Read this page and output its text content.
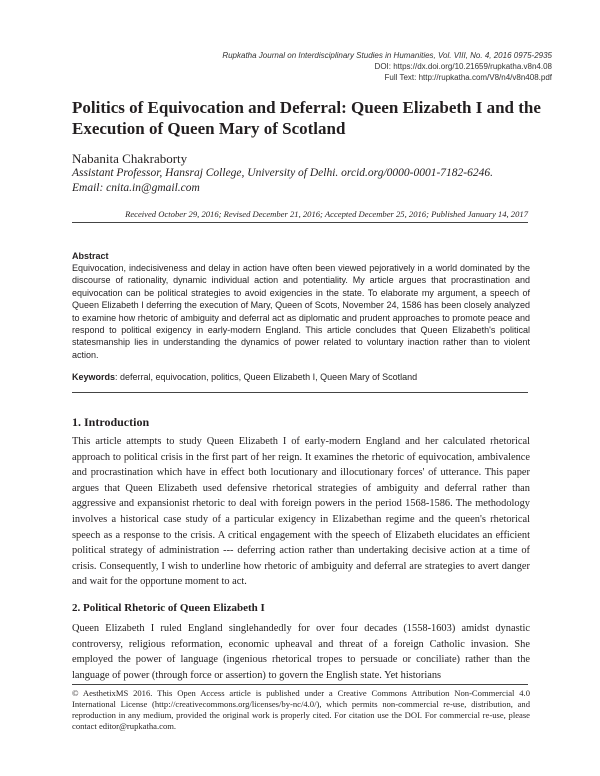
Rupkatha Journal on Interdisciplinary Studies in Humanities, Vol. VIII, No. 4, 2016 0975-2935
DOI: https://dx.doi.org/10.21659/rupkatha.v8n4.08
Full Text: http://rupkatha.com/V8/n4/v8n408.pdf
Politics of Equivocation and Deferral: Queen Elizabeth I and the Execution of Queen Mary of Scotland
Nabanita Chakraborty
Assistant Professor, Hansraj College, University of Delhi. orcid.org/0000-0001-7182-6246.
Email: cnita.in@gmail.com
Received October 29, 2016; Revised December 21, 2016; Accepted December 25, 2016; Published January 14, 2017
Abstract
Equivocation, indecisiveness and delay in action have often been viewed pejoratively in a world dominated by the discourse of rationality, dynamic individual action and potentiality. My article argues that procrastination and equivocation can be political strategies to avoid exigencies in the state. To elaborate my argument, a speech of Queen Elizabeth I deferring the execution of Mary, Queen of Scots, November 24, 1586 has been closely analyzed to examine how rhetoric of ambiguity and deferral act as diplomatic and prudent approaches to promote peace and respond to political exigency in early-modern England. This article concludes that Queen Elizabeth's political statesmanship lies in understanding the dynamics of power related to voluntary inaction rather than to violent action.
Keywords: deferral, equivocation, politics, Queen Elizabeth I, Queen Mary of Scotland
1. Introduction
This article attempts to study Queen Elizabeth I of early-modern England and her calculated rhetorical approach to political crisis in the first part of her reign. It examines the rhetoric of equivocation, ambivalence and procrastination which have in effect both locutionary and illocutionary forces' of utterance. This paper argues that Queen Elizabeth used defensive rhetorical strategies of ambiguity and deferral rather than aggressive and expansionist rhetoric to deal with foreign powers in the period 1568-1586. The methodology involves a historical case study of a particular exigency in Elizabethan regime and the queen's rhetorical speech as a response to the crisis. A critical engagement with the speech of Elizabeth elucidates an efficient political strategy of administration --- deferring action rather than undertaking decisive action at a time of crisis. Consequently, I wish to underline how rhetoric of ambiguity and deferral are strategies to avert danger and wait for the opportune moment to act.
2. Political Rhetoric of Queen Elizabeth I
Queen Elizabeth I ruled England singlehandedly for over four decades (1558-1603) amidst dynastic controversy, religious reformation, economic upheaval and threat of a foreign Catholic invasion. She employed the power of language (ingenious rhetorical tropes to persuade or conciliate) rather than the language of power (through force or assertion) to govern the English state. Yet historians
© AesthetixMS 2016. This Open Access article is published under a Creative Commons Attribution Non-Commercial 4.0 International License (http://creativecommons.org/licenses/by-nc/4.0/), which permits non-commercial re-use, distribution, and reproduction in any medium, provided the original work is properly cited. For citation use the DOI. For commercial re-use, please contact editor@rupkatha.com.
